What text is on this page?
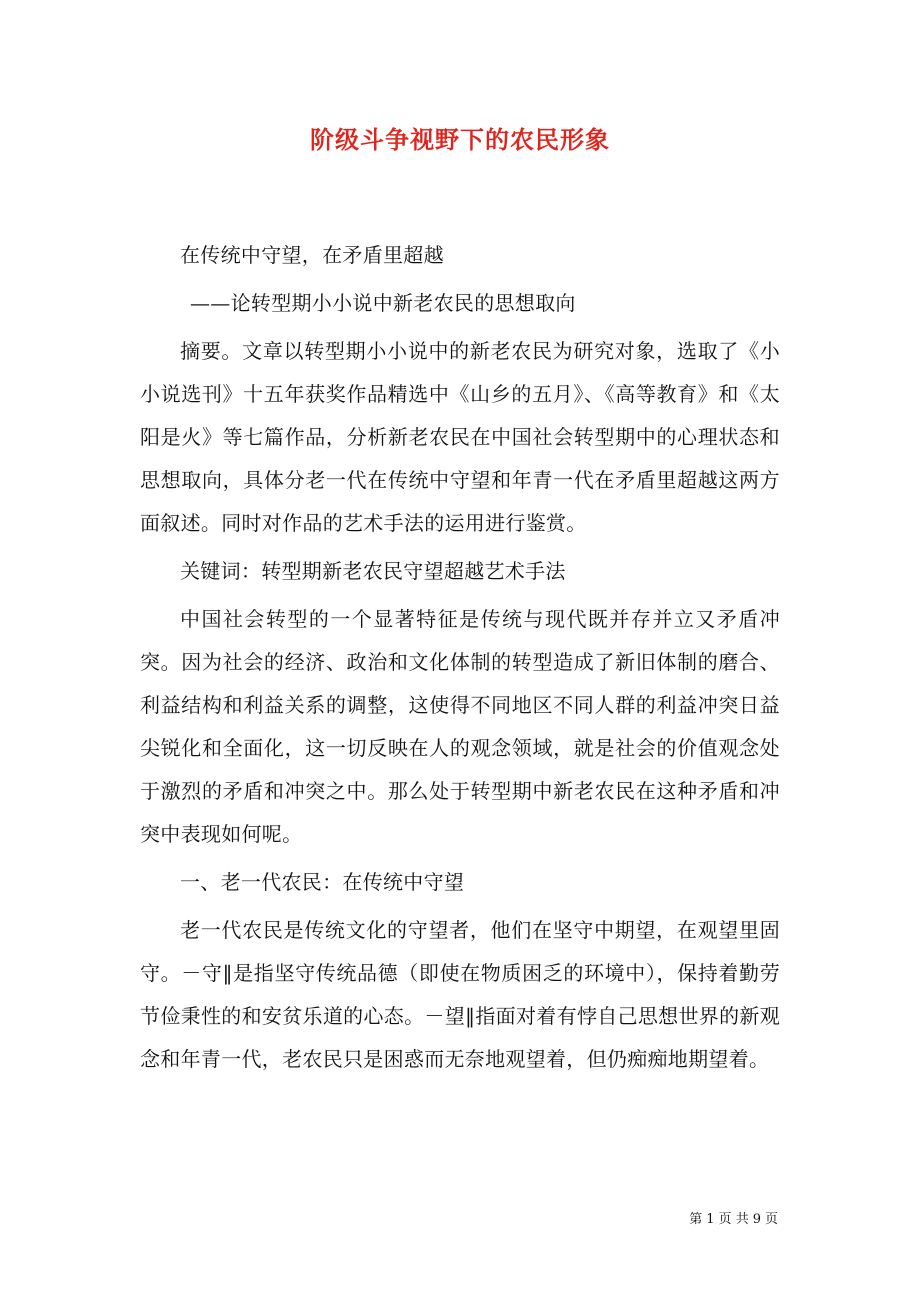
阶级斗争视野下的农民形象

在传统中守望，在矛盾里超越

——论转型期小小说中新老农民的思想取向

摘要。文章以转型期小小说中的新老农民为研究对象，选取了《小小说选刊》十五年获奖作品精选中《山乡的五月》、《高等教育》和《太阳是火》等七篇作品，分析新老农民在中国社会转型期中的心理状态和思想取向，具体分老一代在传统中守望和年青一代在矛盾里超越这两方面叙述。同时对作品的艺术手法的运用进行鉴赏。

关键词：转型期新老农民守望超越艺术手法

中国社会转型的一个显著特征是传统与现代既并存并立又矛盾冲突。因为社会的经济、政治和文化体制的转型造成了新旧体制的磨合、利益结构和利益关系的调整，这使得不同地区不同人群的利益冲突日益尖锐化和全面化，这一切反映在人的观念领域，就是社会的价值观念处于激烈的矛盾和冲突之中。那么处于转型期中新老农民在这种矛盾和冲突中表现如何呢。

一、老一代农民：在传统中守望

老一代农民是传统文化的守望者，他们在坚守中期望，在观望里固守。－守‖是指坚守传统品德（即使在物质困乏的环境中），保持着勤劳节俭秉性的和安贫乐道的心态。－望‖指面对着有悖自己思想世界的新观念和年青一代，老农民只是困惑而无奈地观望着，但仍痴痴地期望着。

第 1 页 共 9 页
